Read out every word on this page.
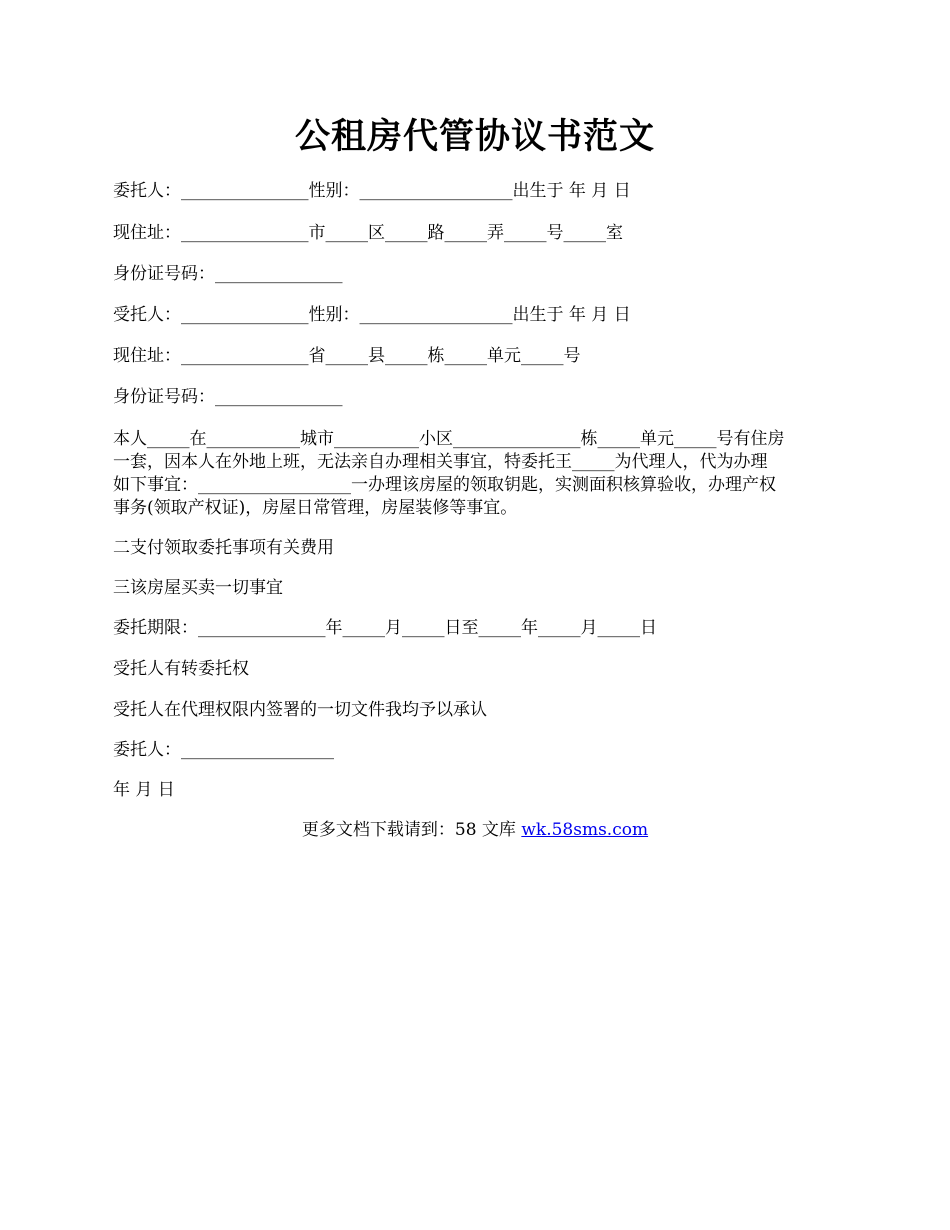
公租房代管协议书范文
委托人：_______________性别：__________________出生于 年 月 日
现住址：_______________市_____区_____路_____弄_____号_____室
身份证号码：_______________
受托人：_______________性别：__________________出生于 年 月 日
现住址：_______________省_____县_____栋_____单元_____号
身份证号码：_______________
本人_____在___________城市__________小区_______________栋_____单元_____号有住房
一套，因本人在外地上班，无法亲自办理相关事宜，特委托王_____为代理人，代为办理
如下事宜：__________________一办理该房屋的领取钥匙，实测面积核算验收，办理产权
事务(领取产权证)，房屋日常管理，房屋装修等事宜。
二支付领取委托事项有关费用
三该房屋买卖一切事宜
委托期限：_______________年_____月_____日至_____年_____月_____日
受托人有转委托权
受托人在代理权限内签署的一切文件我均予以承认
委托人：__________________
年 月 日
更多文档下载请到：58 文库 wk.58sms.com
